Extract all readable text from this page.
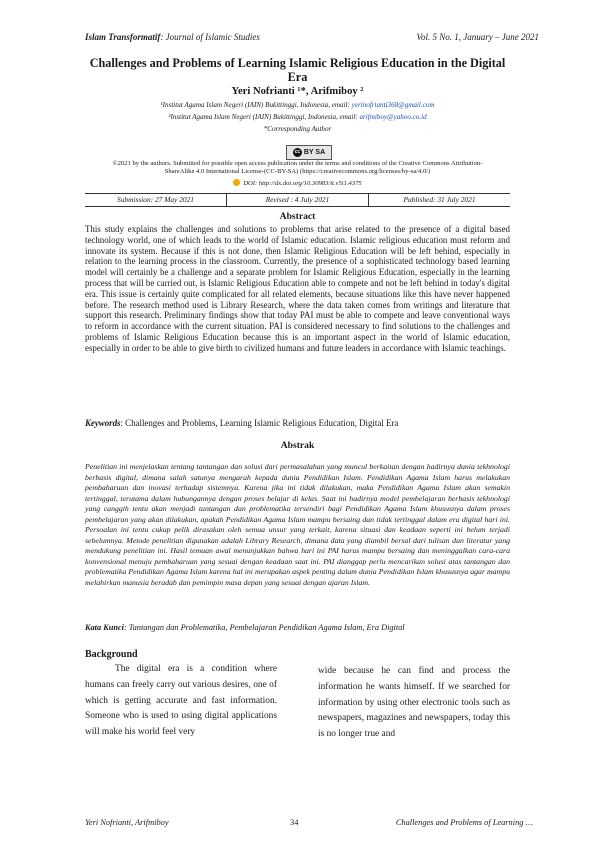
Islam Transformatif: Journal of Islamic Studies	Vol. 5 No. 1, January – June 2021
Challenges and Problems of Learning Islamic Religious Education in the Digital Era
Yeri Nofrianti ¹*, Arifmiboy ²
¹Institut Agama Islam Negeri (IAIN) Bukittinggi, Indonesia, email: yerinofrianti368@gmail.com
²Institut Agama Islam Negeri (IAIN) Bukittinggi, Indonesia, email: arifmiboy@yahoo.co.id
*Corresponding Author
cc BY SA
©2021 by the authors. Submitted for possible open access publication under the terms and conditions of the Creative Commons Attribution-ShareAlike 4.0 International License-(CC-BY-SA) (https://creativecommons.org/licenses/by-sa/4.0/)
DOI: http://dx.doi.org/10.30983/it.v5i1.4375
Submission: 27 May 2021	Revised : 4 July 2021	Published: 31 July 2021
Abstract
This study explains the challenges and solutions to problems that arise related to the presence of a digital based technology world, one of which leads to the world of Islamic education. Islamic religious education must reform and innovate its system. Because if this is not done, then Islamic Religious Education will be left behind, especially in relation to the learning process in the classroom. Currently, the presence of a sophisticated technology based learning model will certainly be a challenge and a separate problem for Islamic Religious Education, especially in the learning process that will be carried out, is Islamic Religious Education able to compete and not be left behind in today's digital era. This issue is certainly quite complicated for all related elements, because situations like this have never happened before. The research method used is Library Research, where the data taken comes from writings and literature that support this research. Preliminary findings show that today PAI must be able to compete and leave conventional ways to reform in accordance with the current situation. PAI is considered necessary to find solutions to the challenges and problems of Islamic Religious Education because this is an important aspect in the world of Islamic education, especially in order to be able to give birth to civilized humans and future leaders in accordance with Islamic teachings.
Keywords: Challenges and Problems, Learning Islamic Religious Education, Digital Era
Abstrak
Penelitian ini menjelaskan tentang tantangan dan solusi dari permasalahan yang muncul berkaitan dengan hadirnya dunia tekhnologi berbasis digital, dimana salah satunya mengarah kepada dunia Pendidikan Islam. Pendidikan Agama Islam harus melakukan pembaharuan dan inovasi terhadap sistemnya. Karena jika ini tidak dilakukan, maka Pendidikan Agama Islam akan semakin tertinggal, terutama dalam hubungannya dengan proses belajar di kelas. Saat ini hadirnya model pembelajaran berbasis tekhnologi yang canggih tentu akan menjadi tantangan dan problematika tersendiri bagi Pendidikan Agama Islam khususnya dalam proses pembelajaran yang akan dilakukan, apakah Pendidikan Agama Islam mampu bersaing dan tidak tertinggal dalam era digital hari ini. Persoalan ini tentu cukup pelik dirasakan oleh semua unsur yang terkait, karena situasi dan keadaan seperti ini belum terjadi sebelumnya. Metode penelitian digunakan adalah Library Research, dimana data yang diambil bersal dari tulisan dan literatur yang mendukung penelitian ini. Hasil temuan awal menunjukkan bahwa hari ini PAI harus mampu bersaing dan meninggalkan cara-cara konvensional menuju pembaharuan yang sesuai dengan keadaan saat ini. PAI dianggap perlu mencarikan solusi atas tantangan dan problematika Pendidikan Agama Islam karena hal ini merupakan aspek penting dalam dunia Pendidikan Islam khususnya agar mampu melahirkan manusia beradab dan pemimpin masa depan yang sesuai dengan ajaran Islam.
Kata Kunci: Tantangan dan Problematika, Pembelajaran Pendidikan Agama Islam, Era Digital
Background
The digital era is a condition where humans can freely carry out various desires, one of which is getting accurate and fast information. Someone who is used to using digital applications will make his world feel very
wide because he can find and process the information he wants himself. If we searched for information by using other electronic tools such as newspapers, magazines and newspapers, today this is no longer true and
Yeri Nofrianti, Arifmiboy	34	Challenges and Problems of Learning …
